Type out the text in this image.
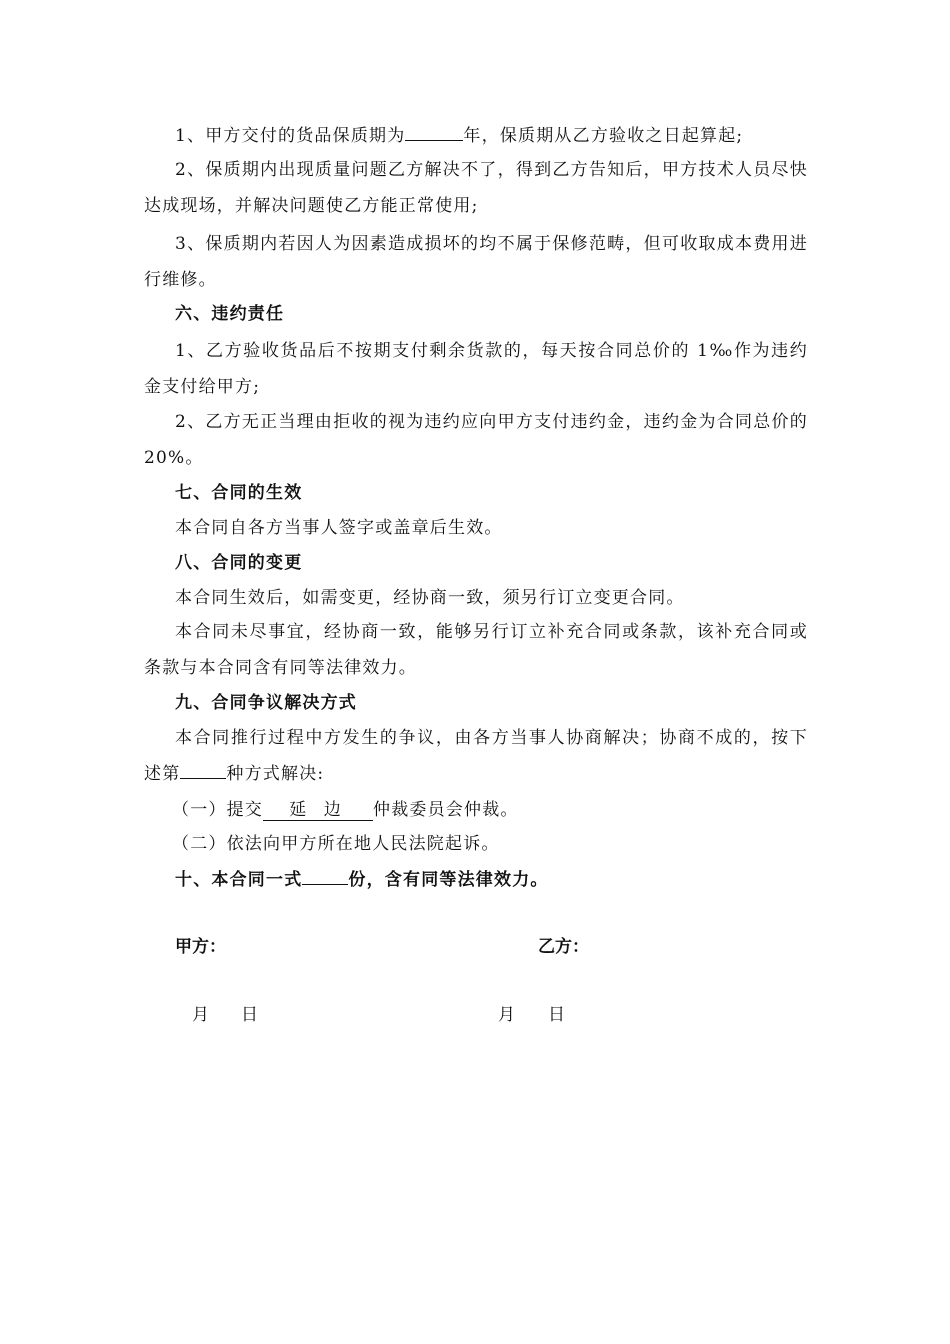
1、甲方交付的货品保质期为	年，保质期从乙方验收之日起算起;

2、保质期内出现质量问题乙方解决不了，得到乙方告知后，甲方技术人员尽快达成现场，并解决问题使乙方能正常使用;

3、保质期内若因人为因素造成损坏的均不属于保修范畴，但可收取成本费用进行维修。

六、违约责任

1、乙方验收货品后不按期支付剩余货款的，每天按合同总价的 1‰作为违约金支付给甲方;

2、乙方无正当理由拒收的视为违约应向甲方支付违约金，违约金为合同总价的 20%。

七、合同的生效

本合同自各方当事人签字或盖章后生效。

八、合同的变更

本合同生效后，如需变更，经协商一致，须另行订立变更合同。

本合同未尽事宜，经协商一致，能够另行订立补充合同或条款，该补充合同或条款与本合同含有同等法律效力。

九、合同争议解决方式

本合同推行过程中方发生的争议，由各方当事人协商解决；协商不成的，按下述第	种方式解决:

（一）提交 延 边 仲裁委员会仲裁。

（二）依法向甲方所在地人民法院起诉。

十、本合同一式	份，含有同等法律效力。

甲方：	乙方：

月 日	月 日
